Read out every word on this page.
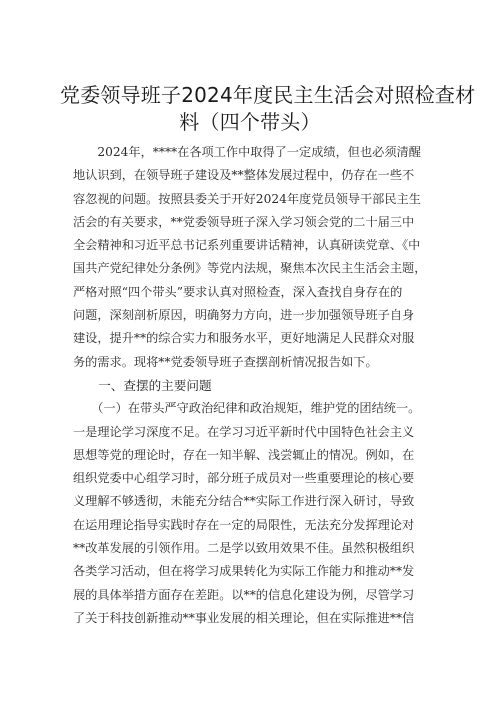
党委领导班子2024年度民主生活会对照检查材
料（四个带头）
　　2024年，****在各项工作中取得了一定成绩，但也必须清醒
地认识到，在领导班子建设及**整体发展过程中，仍存在一些不
容忽视的问题。按照县委关于开好2024年度党员领导干部民主生
活会的有关要求，**党委领导班子深入学习领会党的二十届三中
全会精神和习近平总书记系列重要讲话精神，认真研读党章、《中
国共产党纪律处分条例》等党内法规，聚焦本次民主生活会主题，
严格对照“四个带头”要求认真对照检查，深入查找自身存在的
问题，深刻剖析原因，明确努力方向，进一步加强领导班子自身
建设，提升**的综合实力和服务水平，更好地满足人民群众对服
务的需求。现将**党委领导班子查摆剖析情况报告如下。
　　一、查摆的主要问题
　　（一）在带头严守政治纪律和政治规矩，维护党的团结统一。
一是理论学习深度不足。在学习习近平新时代中国特色社会主义
思想等党的理论时，存在一知半解、浅尝辄止的情况。例如，在
组织党委中心组学习时，部分班子成员对一些重要理论的核心要
义理解不够透彻，未能充分结合**实际工作进行深入研讨，导致
在运用理论指导实践时存在一定的局限性，无法充分发挥理论对
**改革发展的引领作用。二是学以致用效果不佳。虽然积极组织
各类学习活动，但在将学习成果转化为实际工作能力和推动**发
展的具体举措方面存在差距。以**的信息化建设为例，尽管学习
了关于科技创新推动**事业发展的相关理论，但在实际推进**信
